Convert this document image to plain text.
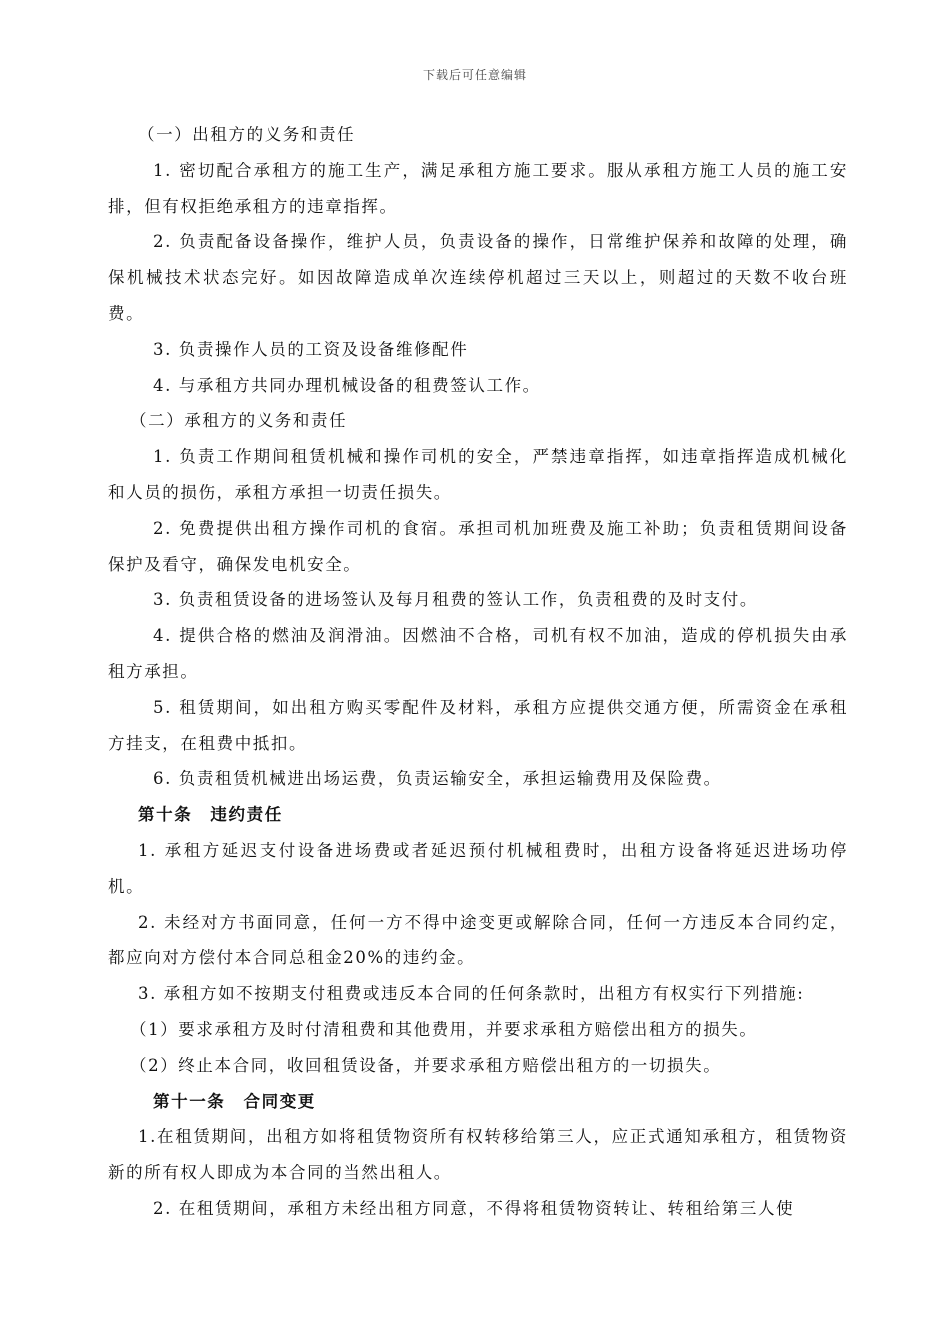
下载后可任意编辑

（一）出租方的义务和责任

1. 密切配合承租方的施工生产，满足承租方施工要求。服从承租方施工人员的施工安排，但有权拒绝承租方的违章指挥。

2. 负责配备设备操作，维护人员，负责设备的操作，日常维护保养和故障的处理，确保机械技术状态完好。如因故障造成单次连续停机超过三天以上，则超过的天数不收台班费。

3. 负责操作人员的工资及设备维修配件

4. 与承租方共同办理机械设备的租费签认工作。

（二）承租方的义务和责任

1. 负责工作期间租赁机械和操作司机的安全，严禁违章指挥，如违章指挥造成机械化和人员的损伤，承租方承担一切责任损失。

2. 免费提供出租方操作司机的食宿。承担司机加班费及施工补助；负责租赁期间设备保护及看守，确保发电机安全。

3. 负责租赁设备的进场签认及每月租费的签认工作，负责租费的及时支付。

4. 提供合格的燃油及润滑油。因燃油不合格，司机有权不加油，造成的停机损失由承租方承担。

5. 租赁期间，如出租方购买零配件及材料，承租方应提供交通方便，所需资金在承租方挂支，在租费中抵扣。

6. 负责租赁机械进出场运费，负责运输安全，承担运输费用及保险费。

第十条　违约责任

1. 承租方延迟支付设备进场费或者延迟预付机械租费时，出租方设备将延迟进场功停机。

2. 未经对方书面同意，任何一方不得中途变更或解除合同，任何一方违反本合同约定，都应向对方偿付本合同总租金20%的违约金。

3. 承租方如不按期支付租费或违反本合同的任何条款时，出租方有权实行下列措施:

（1）要求承租方及时付清租费和其他费用，并要求承租方赔偿出租方的损失。

（2）终止本合同，收回租赁设备，并要求承租方赔偿出租方的一切损失。

第十一条　合同变更

1.在租赁期间，出租方如将租赁物资所有权转移给第三人，应正式通知承租方，租赁物资新的所有权人即成为本合同的当然出租人。

2. 在租赁期间，承租方未经出租方同意，不得将租赁物资转让、转租给第三人使
